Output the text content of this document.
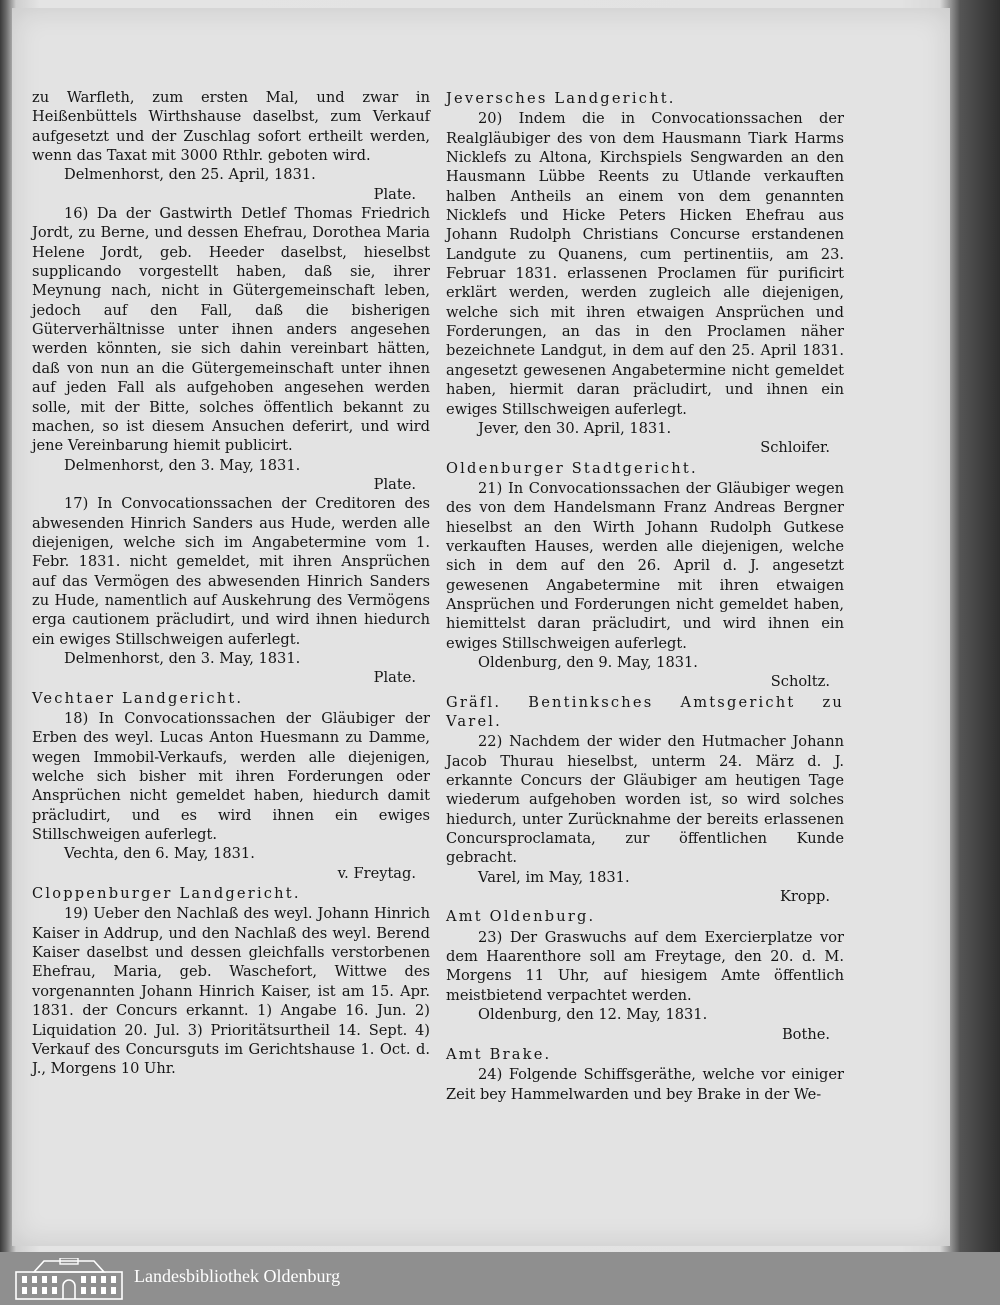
zu Warfleth, zum ersten Mal, und zwar in Heißenbüttels Wirthshause daselbst, zum Verkauf aufgesetzt und der Zuschlag sofort ertheilt werden, wenn das Taxat mit 3000 Rthlr. geboten wird.

Delmenhorst, den 25. April, 1831.

Plate.

16) Da der Gastwirth Detlef Thomas Friedrich Jordt, zu Berne, und dessen Ehefrau, Dorothea Maria Helene Jordt, geb. Heeder daselbst, hieselbst supplicando vorgestellt haben, daß sie, ihrer Meynung nach, nicht in Gütergemeinschaft leben, jedoch auf den Fall, daß die bisherigen Güterverhältnisse unter ihnen anders angesehen werden könnten, sie sich dahin vereinbart hätten, daß von nun an die Gütergemeinschaft unter ihnen auf jeden Fall als aufgehoben angesehen werden solle, mit der Bitte, solches öffentlich bekannt zu machen, so ist diesem Ansuchen deferirt, und wird jene Vereinbarung hiemit publicirt.

Delmenhorst, den 3. May, 1831.

Plate.

17) In Convocationssachen der Creditoren des abwesenden Hinrich Sanders aus Hude, werden alle diejenigen, welche sich im Angabetermine vom 1. Febr. 1831. nicht gemeldet, mit ihren Ansprüchen auf das Vermögen des abwesenden Hinrich Sanders zu Hude, namentlich auf Auskehrung des Vermögens erga cautionem präcludirt, und wird ihnen hiedurch ein ewiges Stillschweigen auferlegt.

Delmenhorst, den 3. May, 1831.

Plate.

Vechtaer Landgericht.

18) In Convocationssachen der Gläubiger der Erben des weyl. Lucas Anton Huesmann zu Damme, wegen Immobil-Verkaufs, werden alle diejenigen, welche sich bisher mit ihren Forderungen oder Ansprüchen nicht gemeldet haben, hiedurch damit präcludirt, und es wird ihnen ein ewiges Stillschweigen auferlegt.

Vechta, den 6. May, 1831.

v. Freytag.

Cloppenburger Landgericht.

19) Ueber den Nachlaß des weyl. Johann Hinrich Kaiser in Addrup, und den Nachlaß des weyl. Berend Kaiser daselbst und dessen gleichfalls verstorbenen Ehefrau, Maria, geb. Waschefort, Wittwe des vorgenannten Johann Hinrich Kaiser, ist am 15. Apr. 1831. der Concurs erkannt. 1) Angabe 16. Jun. 2) Liquidation 20. Jul. 3) Prioritätsurtheil 14. Sept. 4) Verkauf des Concursguts im Gerichtshause 1. Oct. d. J., Morgens 10 Uhr.

Jeversches Landgericht.

20) Indem die in Convocationssachen der Realgläubiger des von dem Hausmann Tiark Harms Nicklefs zu Altona, Kirchspiels Sengwarden an den Hausmann Lübbe Reents zu Utlande verkauften halben Antheils an einem von dem genannten Nicklefs und Hicke Peters Hicken Ehefrau aus Johann Rudolph Christians Concurse erstandenen Landgute zu Quanens, cum pertinentiis, am 23. Februar 1831. erlassenen Proclamen für purificirt erklärt werden, werden zugleich alle diejenigen, welche sich mit ihren etwaigen Ansprüchen und Forderungen, an das in den Proclamen näher bezeichnete Landgut, in dem auf den 25. April 1831. angesetzt gewesenen Angabetermine nicht gemeldet haben, hiermit daran präcludirt, und ihnen ein ewiges Stillschweigen auferlegt.

Jever, den 30. April, 1831.

Schloifer.

Oldenburger Stadtgericht.

21) In Convocationssachen der Gläubiger wegen des von dem Handelsmann Franz Andreas Bergner hieselbst an den Wirth Johann Rudolph Gutkese verkauften Hauses, werden alle diejenigen, welche sich in dem auf den 26. April d. J. angesetzt gewesenen Angabetermine mit ihren etwaigen Ansprüchen und Forderungen nicht gemeldet haben, hiemittelst daran präcludirt, und wird ihnen ein ewiges Stillschweigen auferlegt.

Oldenburg, den 9. May, 1831.

Scholtz.

Gräfl. Bentinksches Amtsgericht zu Varel.

22) Nachdem der wider den Hutmacher Johann Jacob Thurau hieselbst, unterm 24. März d. J. erkannte Concurs der Gläubiger am heutigen Tage wiederum aufgehoben worden ist, so wird solches hiedurch, unter Zurücknahme der bereits erlassenen Concursproclamata, zur öffentlichen Kunde gebracht.

Varel, im May, 1831.

Kropp.

Amt Oldenburg.

23) Der Graswuchs auf dem Exercierplatze vor dem Haarenthore soll am Freytage, den 20. d. M. Morgens 11 Uhr, auf hiesigem Amte öffentlich meistbietend verpachtet werden.

Oldenburg, den 12. May, 1831.

Bothe.

Amt Brake.

24) Folgende Schiffsgeräthe, welche vor einiger Zeit bey Hammelwarden und bey Brake in der We-

Landesbibliothek Oldenburg
